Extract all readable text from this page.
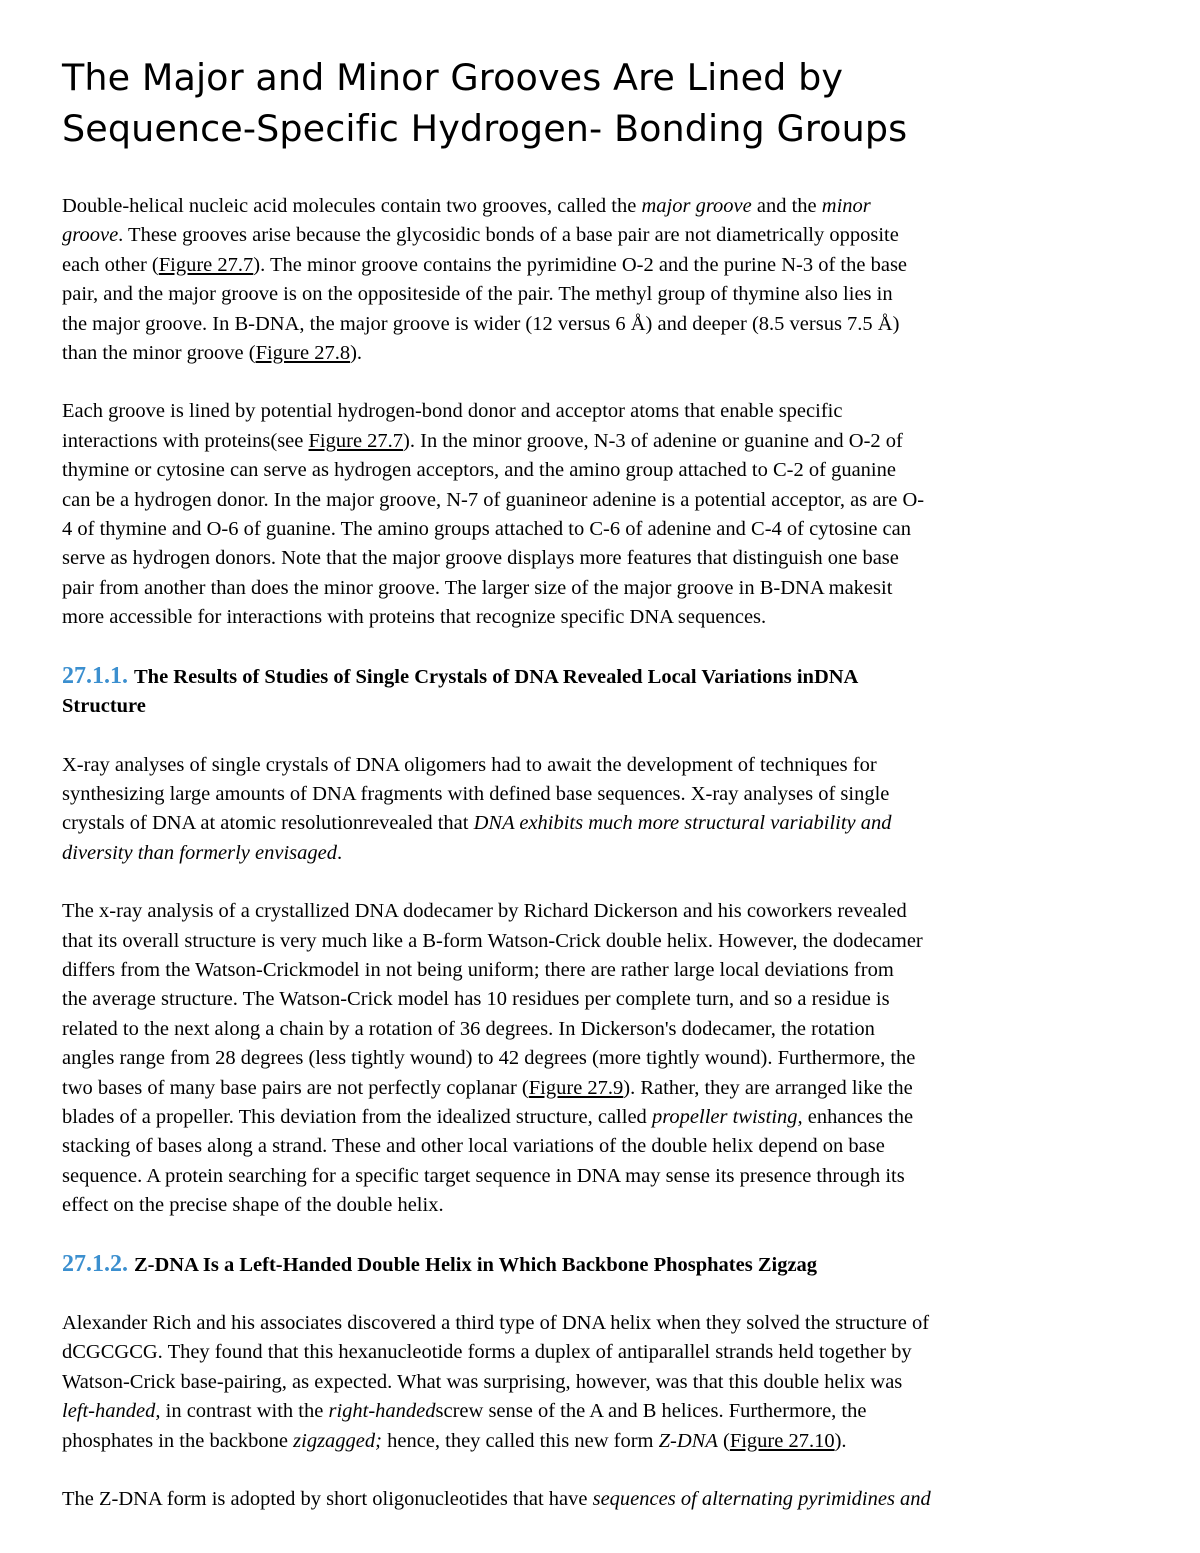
The Major and Minor Grooves Are Lined by
Sequence-Specific Hydrogen- Bonding Groups
Double-helical nucleic acid molecules contain two grooves, called the major groove and the minor
groove. These grooves arise because the glycosidic bonds of a base pair are not diametrically opposite
each other (Figure 27.7). The minor groove contains the pyrimidine O-2 and the purine N-3 of the base
pair, and the major groove is on the oppositeside of the pair. The methyl group of thymine also lies in
the major groove. In B-DNA, the major groove is wider (12 versus 6 Å) and deeper (8.5 versus 7.5 Å)
than the minor groove (Figure 27.8).
Each groove is lined by potential hydrogen-bond donor and acceptor atoms that enable specific
interactions with proteins(see Figure 27.7). In the minor groove, N-3 of adenine or guanine and O-2 of
thymine or cytosine can serve as hydrogen acceptors, and the amino group attached to C-2 of guanine
can be a hydrogen donor. In the major groove, N-7 of guanineor adenine is a potential acceptor, as are O-
4 of thymine and O-6 of guanine. The amino groups attached to C-6 of adenine and C-4 of cytosine can
serve as hydrogen donors. Note that the major groove displays more features that distinguish one base
pair from another than does the minor groove. The larger size of the major groove in B-DNA makesit
more accessible for interactions with proteins that recognize specific DNA sequences.
27.1.1. The Results of Studies of Single Crystals of DNA Revealed Local Variations inDNA
Structure
X-ray analyses of single crystals of DNA oligomers had to await the development of techniques for
synthesizing large amounts of DNA fragments with defined base sequences. X-ray analyses of single
crystals of DNA at atomic resolutionrevealed that DNA exhibits much more structural variability and
diversity than formerly envisaged.
The x-ray analysis of a crystallized DNA dodecamer by Richard Dickerson and his coworkers revealed
that its overall structure is very much like a B-form Watson-Crick double helix. However, the dodecamer
differs from the Watson-Crickmodel in not being uniform; there are rather large local deviations from
the average structure. The Watson-Crick model has 10 residues per complete turn, and so a residue is
related to the next along a chain by a rotation of 36 degrees. In Dickerson's dodecamer, the rotation
angles range from 28 degrees (less tightly wound) to 42 degrees (more tightly wound). Furthermore, the
two bases of many base pairs are not perfectly coplanar (Figure 27.9). Rather, they are arranged like the
blades of a propeller. This deviation from the idealized structure, called propeller twisting, enhances the
stacking of bases along a strand. These and other local variations of the double helix depend on base
sequence. A protein searching for a specific target sequence in DNA may sense its presence through its
effect on the precise shape of the double helix.
27.1.2. Z-DNA Is a Left-Handed Double Helix in Which Backbone Phosphates Zigzag
Alexander Rich and his associates discovered a third type of DNA helix when they solved the structure of
dCGCGCG. They found that this hexanucleotide forms a duplex of antiparallel strands held together by
Watson-Crick base-pairing, as expected. What was surprising, however, was that this double helix was
left-handed, in contrast with the right-handedscrew sense of the A and B helices. Furthermore, the
phosphates in the backbone zigzagged; hence, they called this new form Z-DNA (Figure 27.10).
The Z-DNA form is adopted by short oligonucleotides that have sequences of alternating pyrimidines and
